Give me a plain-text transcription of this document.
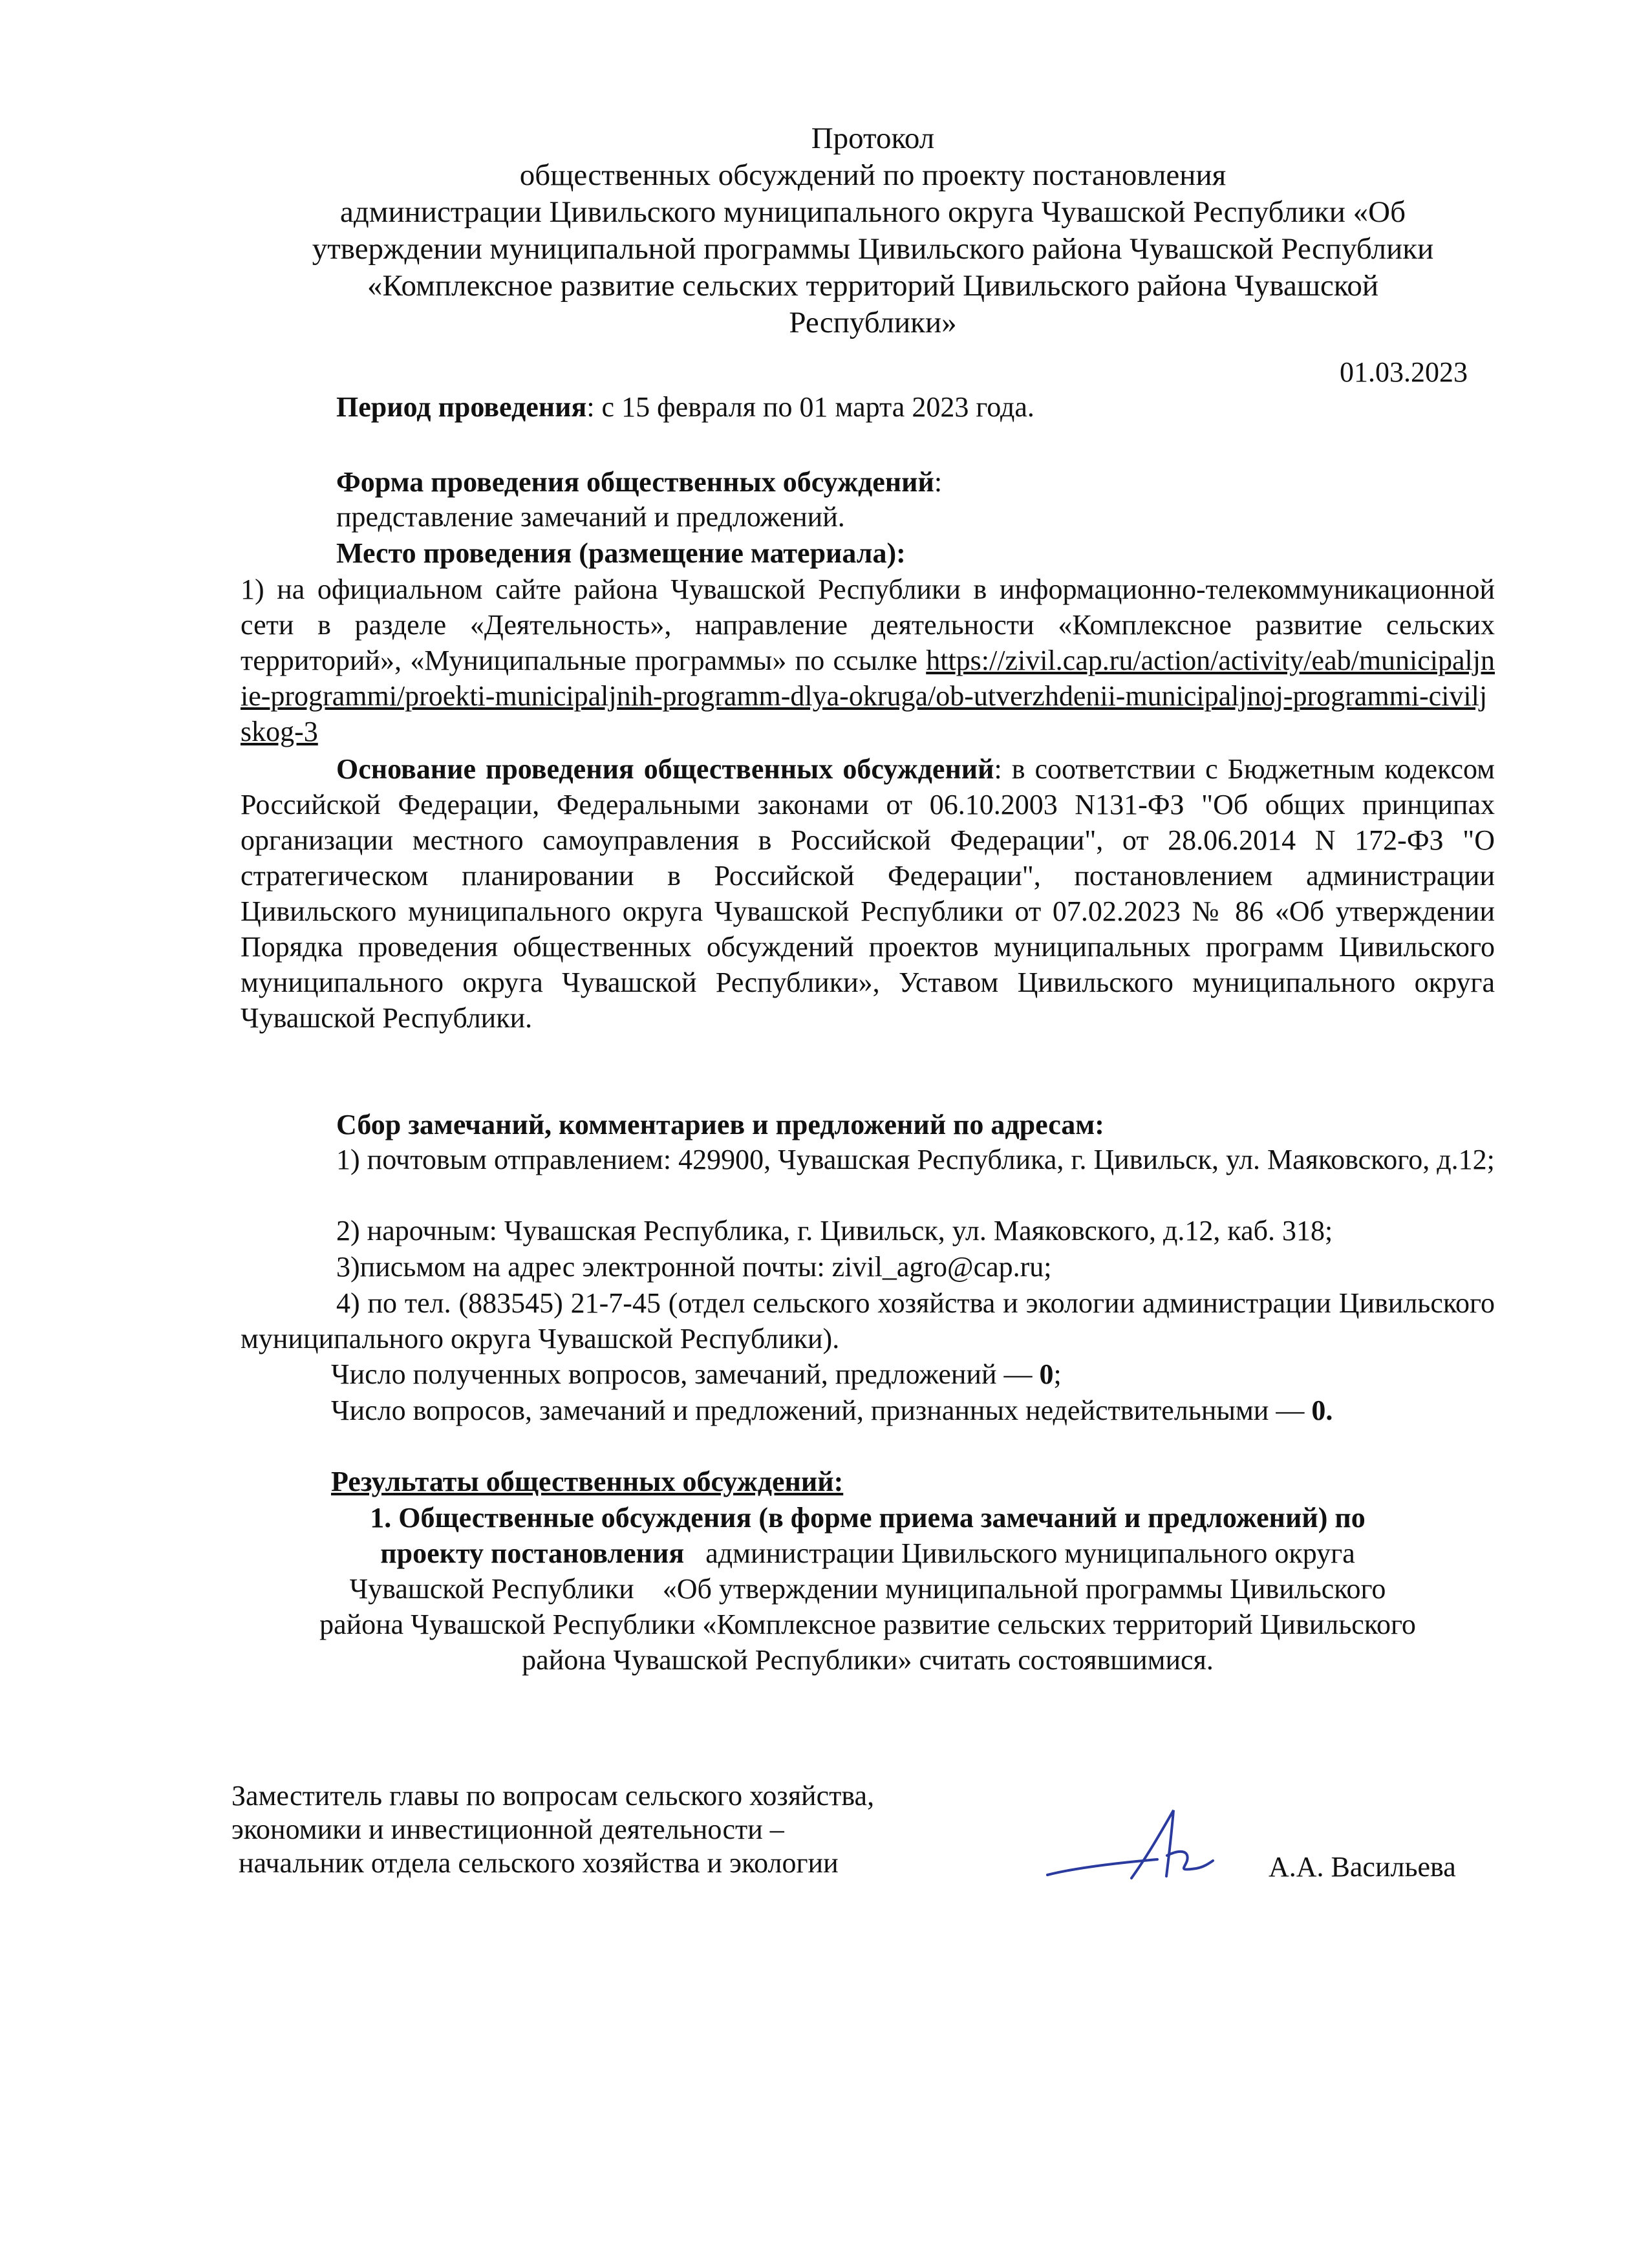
Протокол
общественных обсуждений по проекту постановления
администрации Цивильского муниципального округа Чувашской Республики «Об
утверждении муниципальной программы Цивильского района Чувашской Республики
«Комплексное развитие сельских территорий Цивильского района Чувашской
Республики»
01.03.2023
Период проведения: с 15 февраля по 01 марта 2023 года.
Форма проведения общественных обсуждений:
представление замечаний и предложений.
Место проведения (размещение материала):
1) на официальном сайте района Чувашской Республики в информационно-телекоммуникационной сети в разделе «Деятельность», направление деятельности «Комплексное развитие сельских территорий», «Муниципальные программы» по ссылке https://zivil.cap.ru/action/activity/eab/municipaljnie-programmi/proekti-municipaljnih-programm-dlya-okruga/ob-utverzhdenii-municipaljnoj-programmi-civiljskog-3
Основание проведения общественных обсуждений: в соответствии с Бюджетным кодексом Российской Федерации, Федеральными законами от 06.10.2003 N131-ФЗ "Об общих принципах организации местного самоуправления в Российской Федерации", от 28.06.2014 N 172-ФЗ "О стратегическом планировании в Российской Федерации", постановлением администрации Цивильского муниципального округа Чувашской Республики от 07.02.2023 № 86 «Об утверждении Порядка проведения общественных обсуждений проектов муниципальных программ Цивильского муниципального округа Чувашской Республики», Уставом Цивильского муниципального округа Чувашской Республики.
Сбор замечаний, комментариев и предложений по адресам:
1) почтовым отправлением: 429900, Чувашская Республика, г. Цивильск, ул. Маяковского, д.12;
2) нарочным: Чувашская Республика, г. Цивильск, ул. Маяковского, д.12, каб. 318;
3)письмом на адрес электронной почты: zivil_agro@cap.ru;
4) по тел. (883545) 21-7-45 (отдел сельского хозяйства и экологии администрации Цивильского муниципального округа Чувашской Республики).
Число полученных вопросов, замечаний, предложений — 0;
Число вопросов, замечаний и предложений, признанных недействительными — 0.
Результаты общественных обсуждений:
1. Общественные обсуждения (в форме приема замечаний и предложений) по
проекту постановления   администрации Цивильского муниципального округа
Чувашской Республики    «Об утверждении муниципальной программы Цивильского
района Чувашской Республики «Комплексное развитие сельских территорий Цивильского
района Чувашской Республики» считать состоявшимися.
Заместитель главы по вопросам сельского хозяйства,
экономики и инвестиционной деятельности –
начальник отдела сельского хозяйства и экологии	А.А. Васильева
